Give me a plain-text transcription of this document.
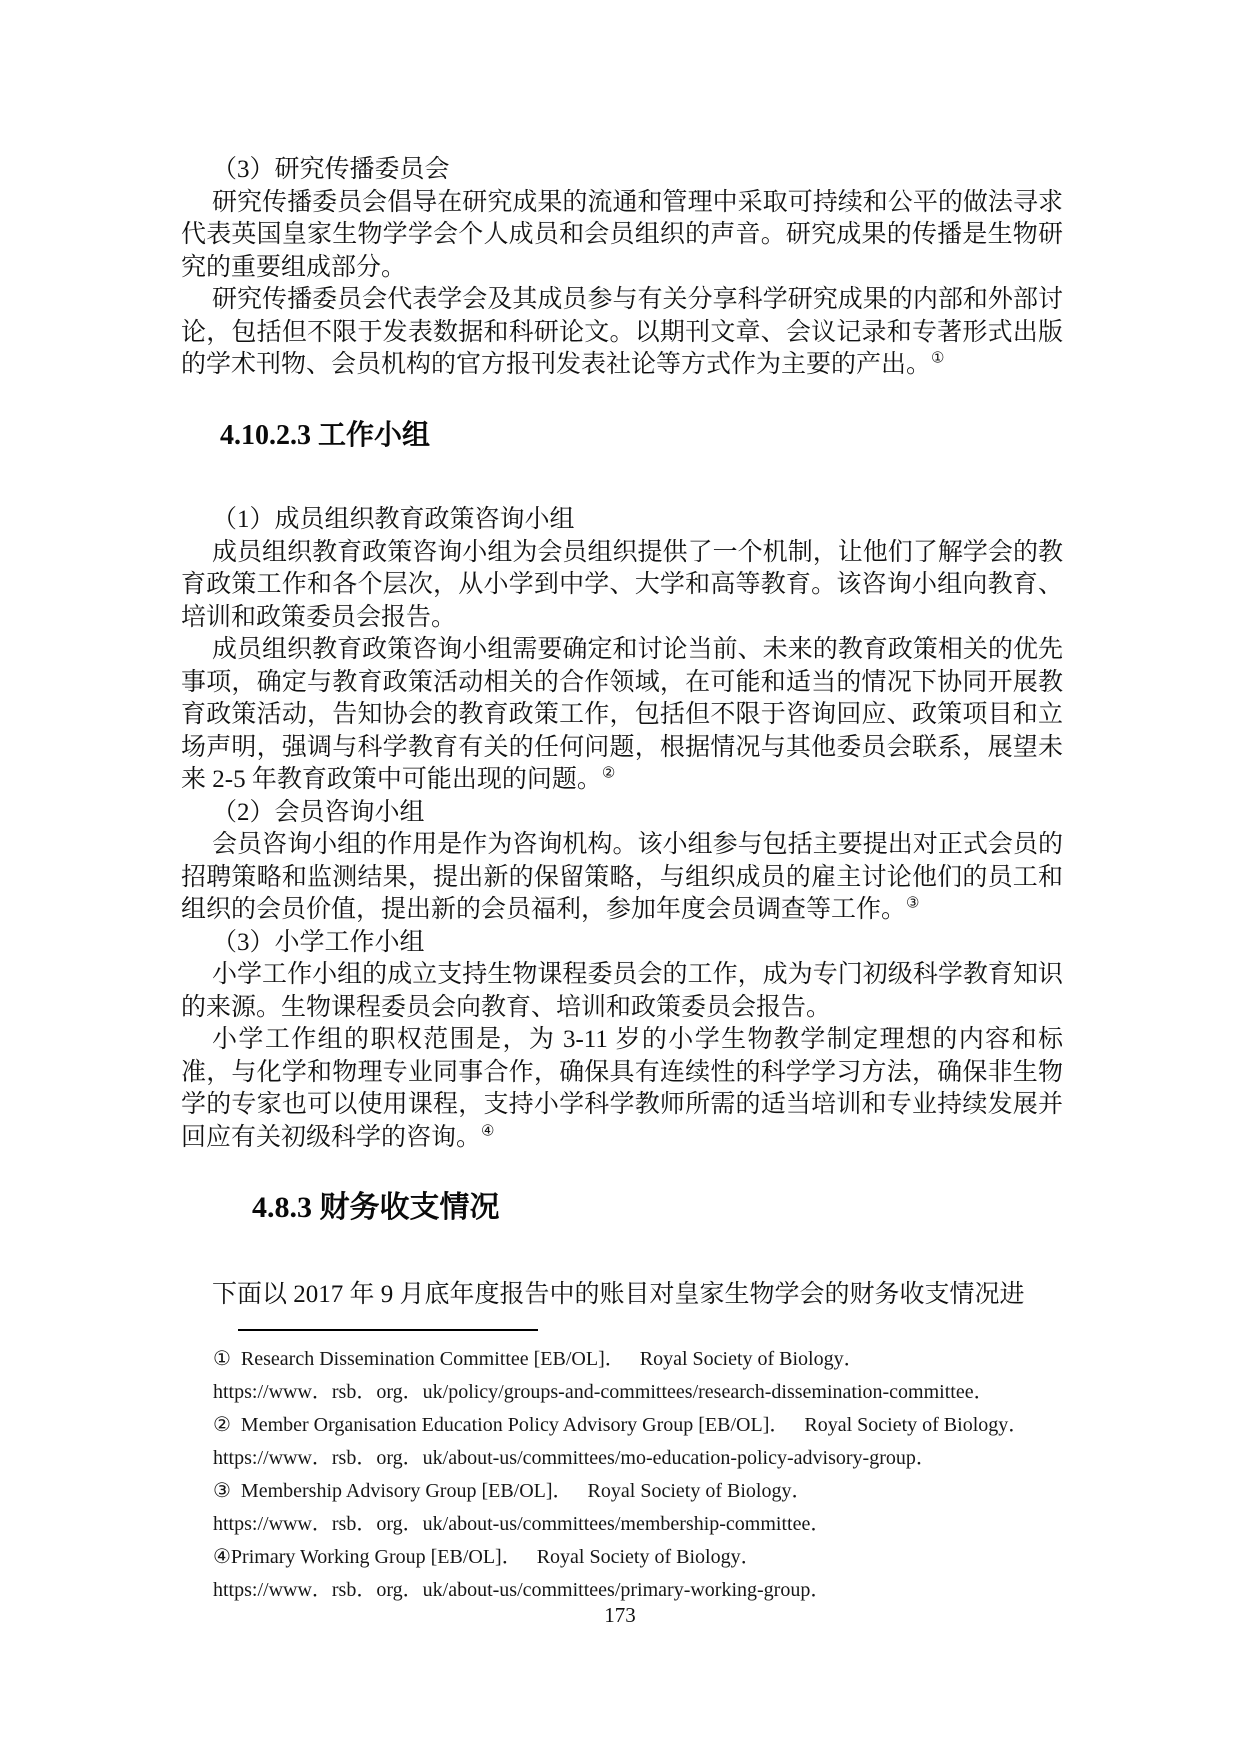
（3）研究传播委员会

研究传播委员会倡导在研究成果的流通和管理中采取可持续和公平的做法寻求代表英国皇家生物学学会个人成员和会员组织的声音。研究成果的传播是生物研究的重要组成部分。

研究传播委员会代表学会及其成员参与有关分享科学研究成果的内部和外部讨论，包括但不限于发表数据和科研论文。以期刊文章、会议记录和专著形式出版的学术刊物、会员机构的官方报刊发表社论等方式作为主要的产出。①

4.10.2.3 工作小组

（1）成员组织教育政策咨询小组

成员组织教育政策咨询小组为会员组织提供了一个机制，让他们了解学会的教育政策工作和各个层次，从小学到中学、大学和高等教育。该咨询小组向教育、培训和政策委员会报告。

成员组织教育政策咨询小组需要确定和讨论当前、未来的教育政策相关的优先事项，确定与教育政策活动相关的合作领域，在可能和适当的情况下协同开展教育政策活动，告知协会的教育政策工作，包括但不限于咨询回应、政策项目和立场声明，强调与科学教育有关的任何问题，根据情况与其他委员会联系，展望未来 2-5 年教育政策中可能出现的问题。②

（2）会员咨询小组

会员咨询小组的作用是作为咨询机构。该小组参与包括主要提出对正式会员的招聘策略和监测结果，提出新的保留策略，与组织成员的雇主讨论他们的员工和组织的会员价值，提出新的会员福利，参加年度会员调查等工作。③

（3）小学工作小组

小学工作小组的成立支持生物课程委员会的工作，成为专门初级科学教育知识的来源。生物课程委员会向教育、培训和政策委员会报告。

小学工作组的职权范围是，为 3-11 岁的小学生物教学制定理想的内容和标准，与化学和物理专业同事合作，确保具有连续性的科学学习方法，确保非生物学的专家也可以使用课程，支持小学科学教师所需的适当培训和专业持续发展并回应有关初级科学的咨询。④

4.8.3 财务收支情况

下面以 2017 年 9 月底年度报告中的账目对皇家生物学会的财务收支情况进

①  Research Dissemination Committee [EB/OL]．   Royal Society of Biology．
https://www．rsb．org．uk/policy/groups-and-committees/research-dissemination-committee．
②  Member Organisation Education Policy Advisory Group [EB/OL]．   Royal Society of Biology．
https://www．rsb．org．uk/about-us/committees/mo-education-policy-advisory-group．
③  Membership Advisory Group [EB/OL]．   Royal Society of Biology．
https://www．rsb．org．uk/about-us/committees/membership-committee．
④Primary Working Group [EB/OL]．   Royal Society of Biology．
https://www．rsb．org．uk/about-us/committees/primary-working-group．
173
